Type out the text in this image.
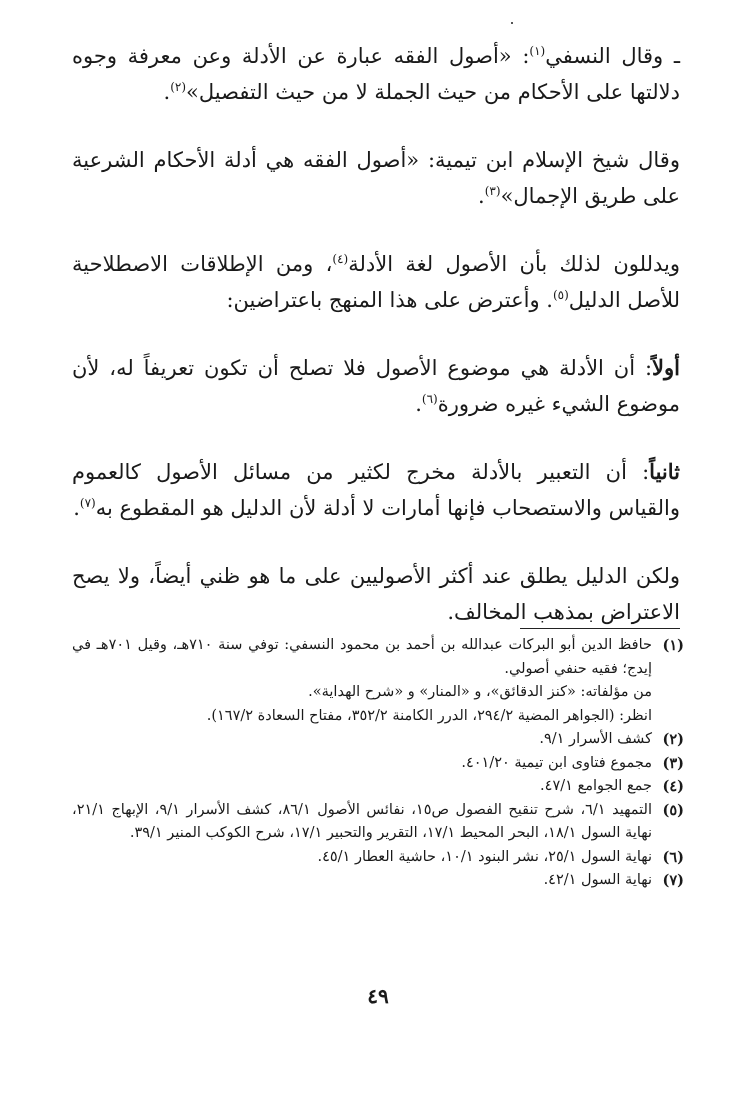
ـ وقال النسفي$^{(١)}$: «أصول الفقه عبارة عن الأدلة وعن معرفة وجوه دلالتها على الأحكام من حيث الجملة لا من حيث التفصيل»$^{(٢)}$.

وقال شيخ الإسلام ابن تيمية: «أصول الفقه هي أدلة الأحكام الشرعية على طريق الإجمال»$^{(٣)}$.

ويدللون لذلك بأن الأصول لغة الأدلة$^{(٤)}$، ومن الإطلاقات الاصطلاحية للأصل الدليل$^{(٥)}$. وأعترض على هذا المنهج باعتراضين:

أولاً: أن الأدلة هي موضوع الأصول فلا تصلح أن تكون تعريفاً له، لأن موضوع الشيء غيره ضرورة$^{(٦)}$.

ثانياً: أن التعبير بالأدلة مخرج لكثير من مسائل الأصول كالعموم والقياس والاستصحاب فإنها أمارات لا أدلة لأن الدليل هو المقطوع به$^{(٧)}$.

ولكن الدليل يطلق عند أكثر الأصوليين على ما هو ظني أيضاً، ولا يصح الاعتراض بمذهب المخالف.

(١)
حافظ الدين أبو البركات عبدالله بن أحمد بن محمود النسفي: توفي سنة ٧١٠هـ، وقيل ٧٠١هـ في إيدج؛ فقيه حنفي أصولي.
من مؤلفاته: «كنز الدقائق»، و «المنار» و «شرح الهداية».
انظر: (الجواهر المضية ٢٩٤/٢، الدرر الكامنة ٣٥٢/٢، مفتاح السعادة ١٦٧/٢).
(٢)
كشف الأسرار ٩/١.
(٣)
مجموع فتاوى ابن تيمية ٤٠١/٢٠.
(٤)
جمع الجوامع ٤٧/١.
(٥)
التمهيد ٦/١، شرح تنقيح الفصول ص١٥، نفائس الأصول ٨٦/١، كشف الأسرار ٩/١، الإبهاج ٢١/١، نهاية السول ١٨/١، البحر المحيط ١٧/١، التقرير والتحبير ١٧/١، شرح الكوكب المنير ٣٩/١.
(٦)
نهاية السول ٢٥/١، نشر البنود ١٠/١، حاشية العطار ٤٥/١.
(٧)
نهاية السول ٤٢/١.
٤٩
